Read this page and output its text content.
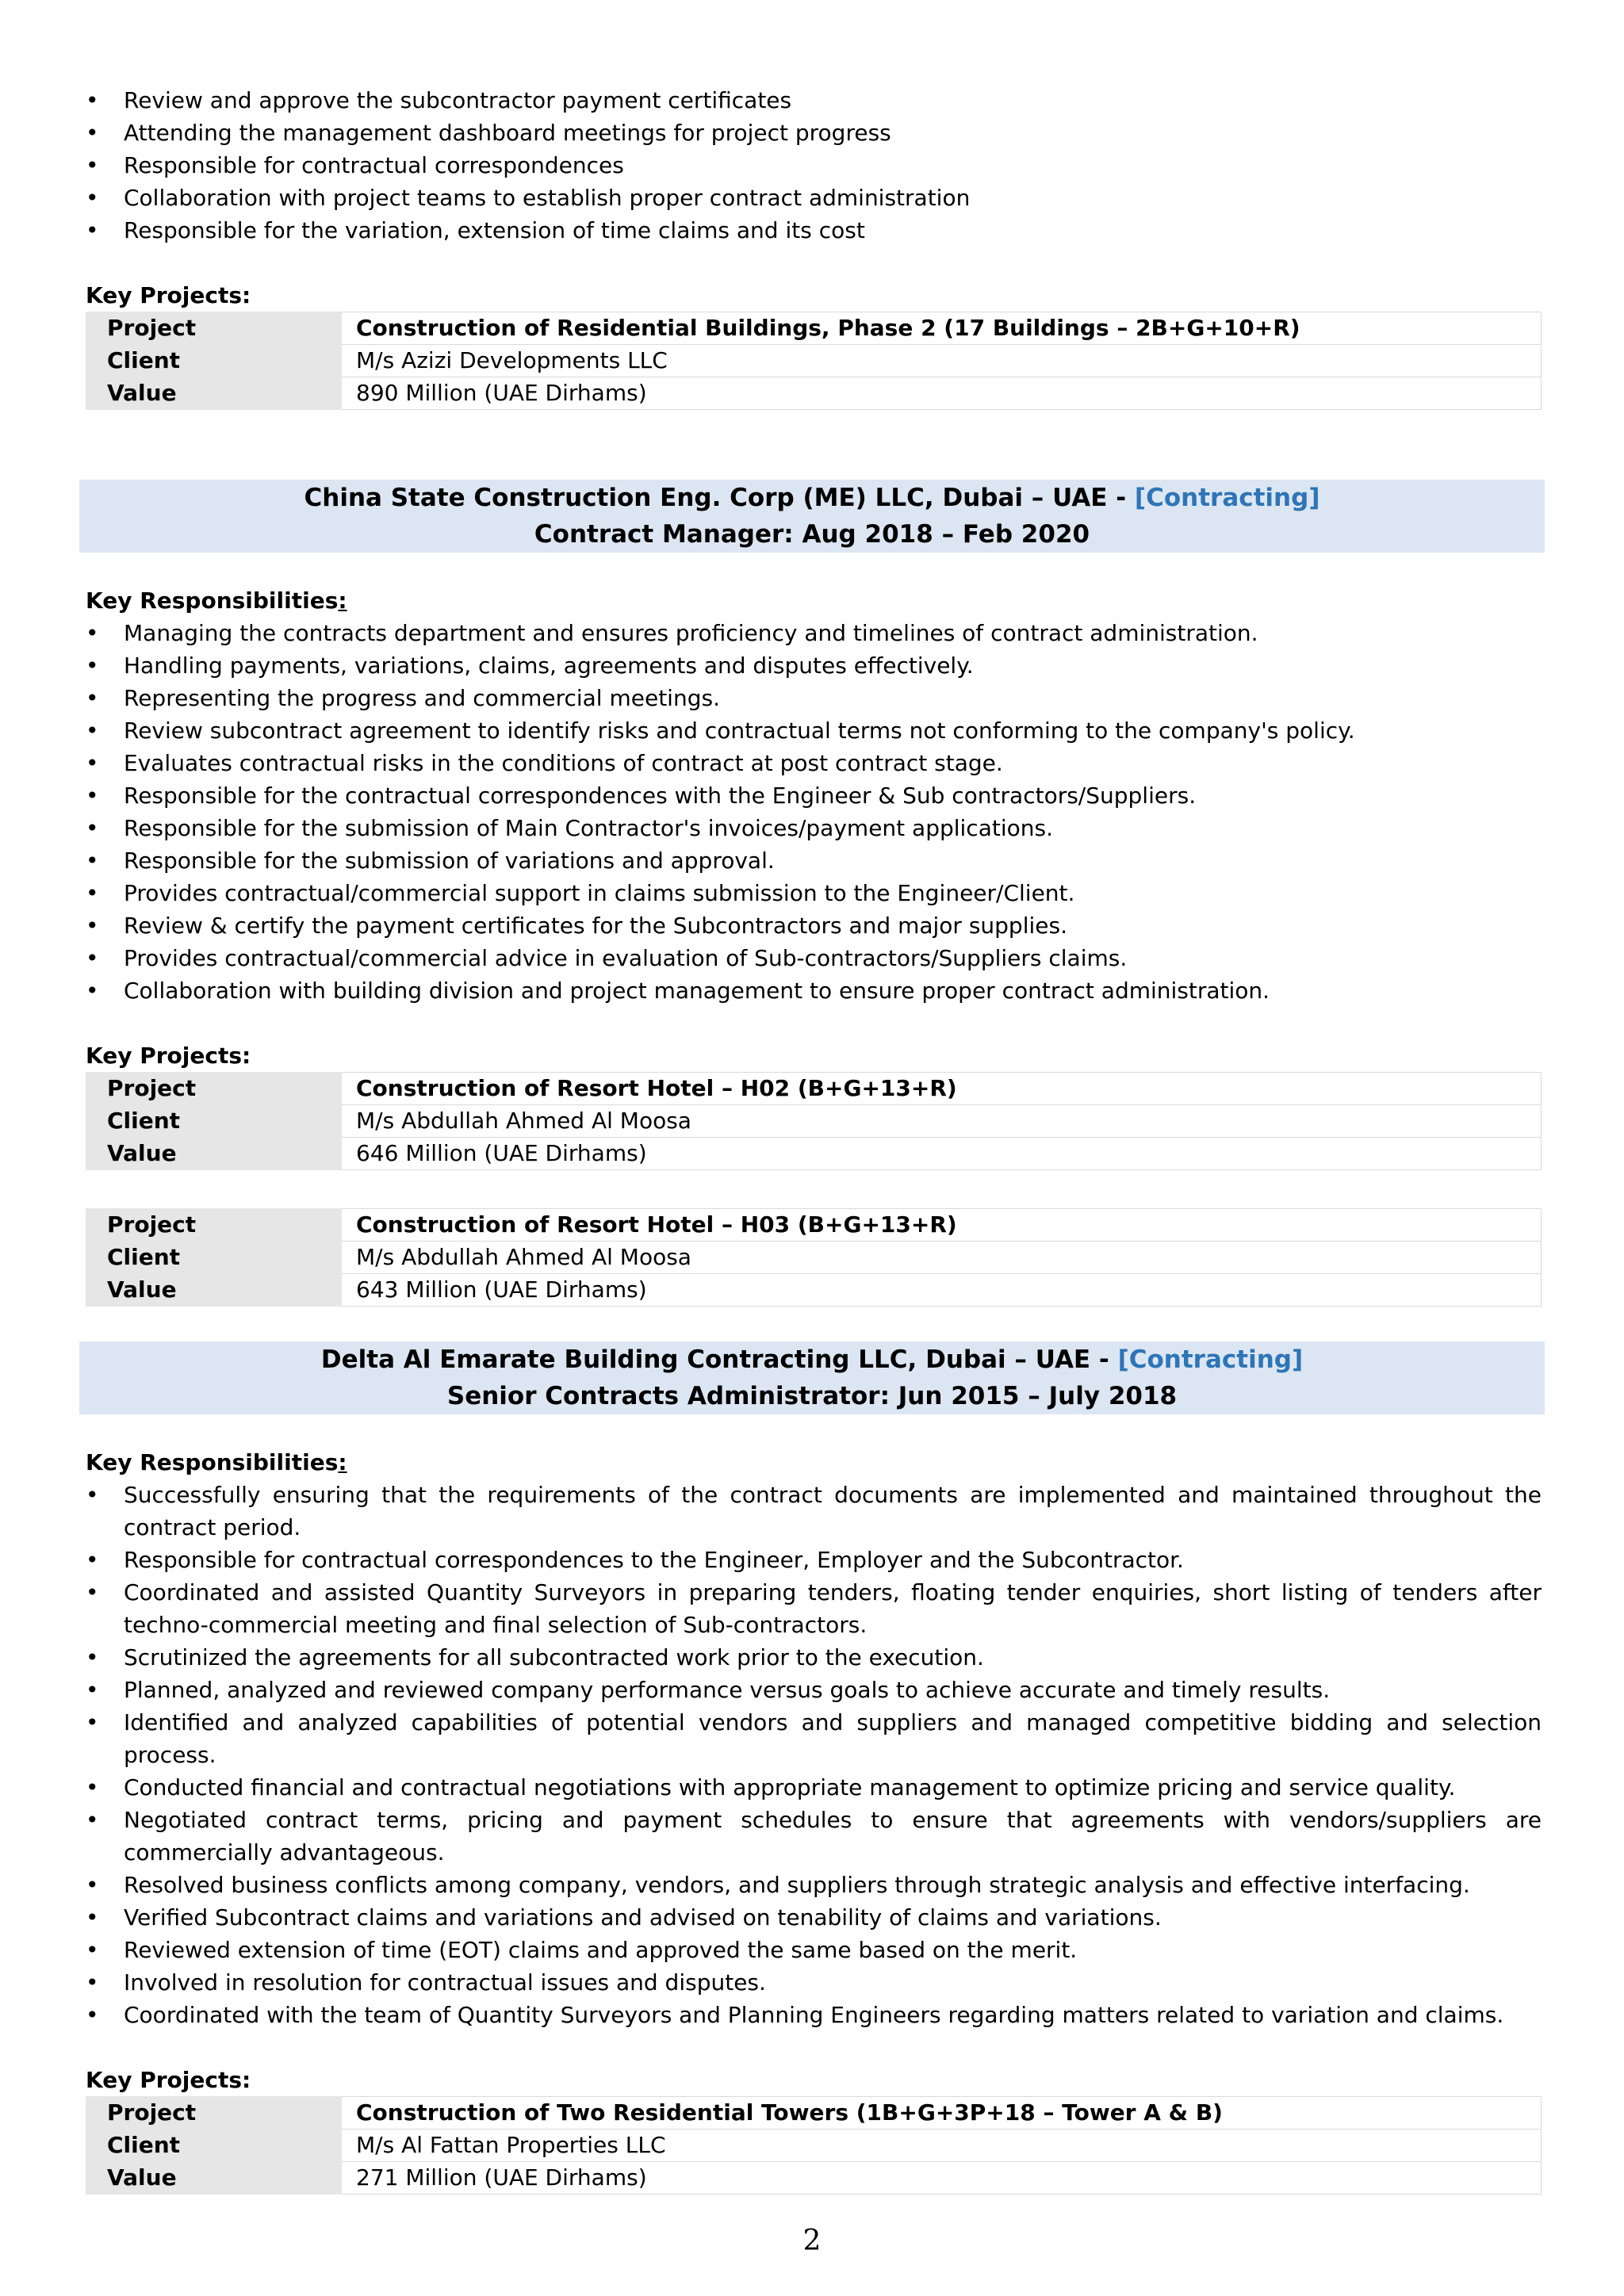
• Review and approve the subcontractor payment certificates
• Attending the management dashboard meetings for project progress
• Responsible for contractual correspondences
• Collaboration with project teams to establish proper contract administration
• Responsible for the variation, extension of time claims and its cost
Key Projects:
Project	Construction of Residential Buildings, Phase 2 (17 Buildings – 2B+G+10+R)
Client	M/s Azizi Developments LLC
Value	890 Million (UAE Dirhams)
China State Construction Eng. Corp (ME) LLC, Dubai – UAE - [Contracting]
Contract Manager: Aug 2018 – Feb 2020
Key Responsibilities:
• Managing the contracts department and ensures proficiency and timelines of contract administration.
• Handling payments, variations, claims, agreements and disputes effectively.
• Representing the progress and commercial meetings.
• Review subcontract agreement to identify risks and contractual terms not conforming to the company's policy.
• Evaluates contractual risks in the conditions of contract at post contract stage.
• Responsible for the contractual correspondences with the Engineer & Sub contractors/Suppliers.
• Responsible for the submission of Main Contractor's invoices/payment applications.
• Responsible for the submission of variations and approval.
• Provides contractual/commercial support in claims submission to the Engineer/Client.
• Review & certify the payment certificates for the Subcontractors and major supplies.
• Provides contractual/commercial advice in evaluation of Sub-contractors/Suppliers claims.
• Collaboration with building division and project management to ensure proper contract administration.
Key Projects:
Project	Construction of Resort Hotel – H02 (B+G+13+R)
Client	M/s Abdullah Ahmed Al Moosa
Value	646 Million (UAE Dirhams)
Project	Construction of Resort Hotel – H03 (B+G+13+R)
Client	M/s Abdullah Ahmed Al Moosa
Value	643 Million (UAE Dirhams)
Delta Al Emarate Building Contracting LLC, Dubai – UAE - [Contracting]
Senior Contracts Administrator: Jun 2015 – July 2018
Key Responsibilities:
• Successfully ensuring that the requirements of the contract documents are implemented and maintained throughout the contract period.
• Responsible for contractual correspondences to the Engineer, Employer and the Subcontractor.
• Coordinated and assisted Quantity Surveyors in preparing tenders, floating tender enquiries, short listing of tenders after techno-commercial meeting and final selection of Sub-contractors.
• Scrutinized the agreements for all subcontracted work prior to the execution.
• Planned, analyzed and reviewed company performance versus goals to achieve accurate and timely results.
• Identified and analyzed capabilities of potential vendors and suppliers and managed competitive bidding and selection process.
• Conducted financial and contractual negotiations with appropriate management to optimize pricing and service quality.
• Negotiated contract terms, pricing and payment schedules to ensure that agreements with vendors/suppliers are commercially advantageous.
• Resolved business conflicts among company, vendors, and suppliers through strategic analysis and effective interfacing.
• Verified Subcontract claims and variations and advised on tenability of claims and variations.
• Reviewed extension of time (EOT) claims and approved the same based on the merit.
• Involved in resolution for contractual issues and disputes.
• Coordinated with the team of Quantity Surveyors and Planning Engineers regarding matters related to variation and claims.
Key Projects:
Project	Construction of Two Residential Towers (1B+G+3P+18 – Tower A & B)
Client	M/s Al Fattan Properties LLC
Value	271 Million (UAE Dirhams)
2
